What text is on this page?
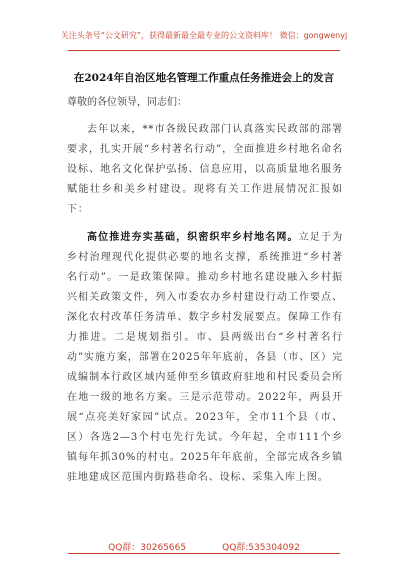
关注头条号“公文研究”，获得最新最全最专业的公文资料库！ 微信：gongwenyj
在2024年自治区地名管理工作重点任务推进会上的发言
尊敬的各位领导，同志们：

去年以来，**市各级民政部门认真落实民政部的部署要求，扎实开展“乡村著名行动”，全面推进乡村地名命名设标、地名文化保护弘扬、信息应用，以高质量地名服务赋能壮乡和美乡村建设。现将有关工作进展情况汇报如下：

高位推进夯实基础，织密织牢乡村地名网。立足于为乡村治理现代化提供必要的地名支撑，系统推进“乡村著名行动”。一是政策保障。推动乡村地名建设融入乡村振兴相关政策文件，列入市委农办乡村建设行动工作要点、深化农村改革任务清单、数字乡村发展要点。保障工作有力推进。二是规划指引。市、县两级出台“乡村著名行动”实施方案，部署在2025年年底前，各县（市、区）完成编制本行政区域内延伸至乡镇政府驻地和村民委员会所在地一级的地名方案。三是示范带动。2022年，两县开展“点亮美好家园”试点。2023年，全市11个县（市、区）各选2—3个村屯先行先试。今年起，全市111个乡镇每年抓30%的村屯。2025年年底前，全部完成各乡镇驻地建成区范围内街路巷命名、设标、采集入库上图。

QQ群：30265665	QQ群:535304092
